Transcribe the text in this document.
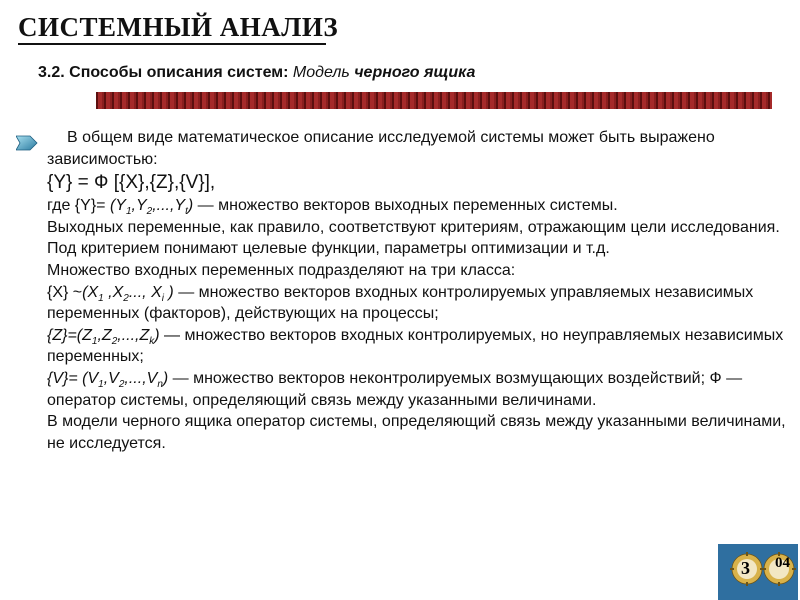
СИСТЕМНЫЙ АНАЛИЗ
3.2. Способы описания систем: Модель черного ящика

В общем виде математическое описание исследуемой системы может быть выражено зависимостью:

{Y} = Ф [{X},{Z},{V}],

где $\{Y\}= (Y_1,Y_2,...,Y_t)$ — множество векторов выходных переменных системы.

Выходных переменные, как правило, соответствуют критериям, отражающим цели исследования. Под критерием понимают целевые функции, параметры оптимизации и т.д.

Множество входных переменных подразделяют на три класса:

{X} $\sim(X_1$ $,X_2$..., $X_i$ ) — множество векторов входных контролируемых управляемых независимых переменных (факторов), действующих на процессы;

$\{Z\}=(Z_1,Z_2,...,Z_k)$ — множество векторов входных контролируемых, но неуправляемых независимых переменных;

$\{V\}= (V_1,V_2,...,V_n)$ — множество векторов неконтролируемых возмущающих воздействий; Ф — оператор системы, определяющий связь между указанными величинами.

В модели черного ящика оператор системы, определяющий связь между указанными величинами, не исследуется.

3 04
